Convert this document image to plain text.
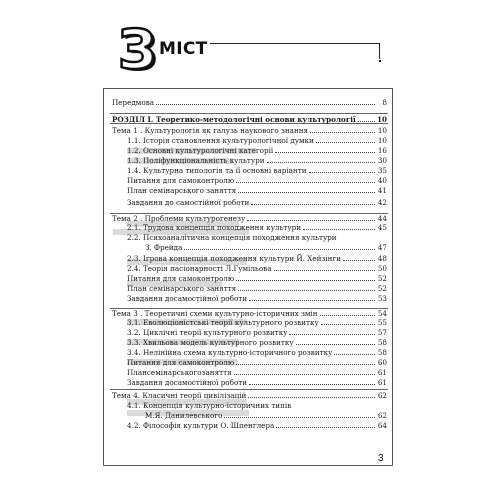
З МІСТ
Передмова	8
РОЗДІЛ І. Теоретико-методологічні основи культурології	10
Тема 1 . Культурологія як галузь наукового знання	10
1.1. Історія становлення культурологічної думки	10
1.2. Основні культурологічні категорії	16
1.3. Поліфункціональність культури	30
1.4. Культурна типологія та її основні варіанти	35
Питання для самоконтролю	40
План семінарського заняття	41
Завдання до самостійної роботи	42
Тема 2 . Проблеми культурогенезу	44
2.1. Трудова концепція походження культури	45
2.2. Психоаналітична концепція походження культури
З. Фрейда	47
2.3. Ігрова концепція походження культури Й. Хейзінги	48
2.4. Теорія пасіонарності Л.Гумільова	50
Питання для самоконтролю	52
План семінарського заняття	52
Завдання досамостійної роботи	53
Тема 3 . Теоретичні схеми культурно-історичних змін	54
3.1. Еволюціоністські теорії культурного розвитку	55
3.2. Циклічні теорії культурного розвитку	57
3.3. Хвильова модель культурного розвитку	58
3.4. Нелінійна схема культурно-історичного розвитку	58
Питання для самоконтролю	60
Плансемінарськогозаняття	61
Завдання досамостійної роботи	61
Тема 4. Класичні теорії цивілізацій	62
4.1. Концепція культурно-історичних типів
М.Я. Данилевського	62
4.2. Філософія культури О. Шпенглера	64
3
